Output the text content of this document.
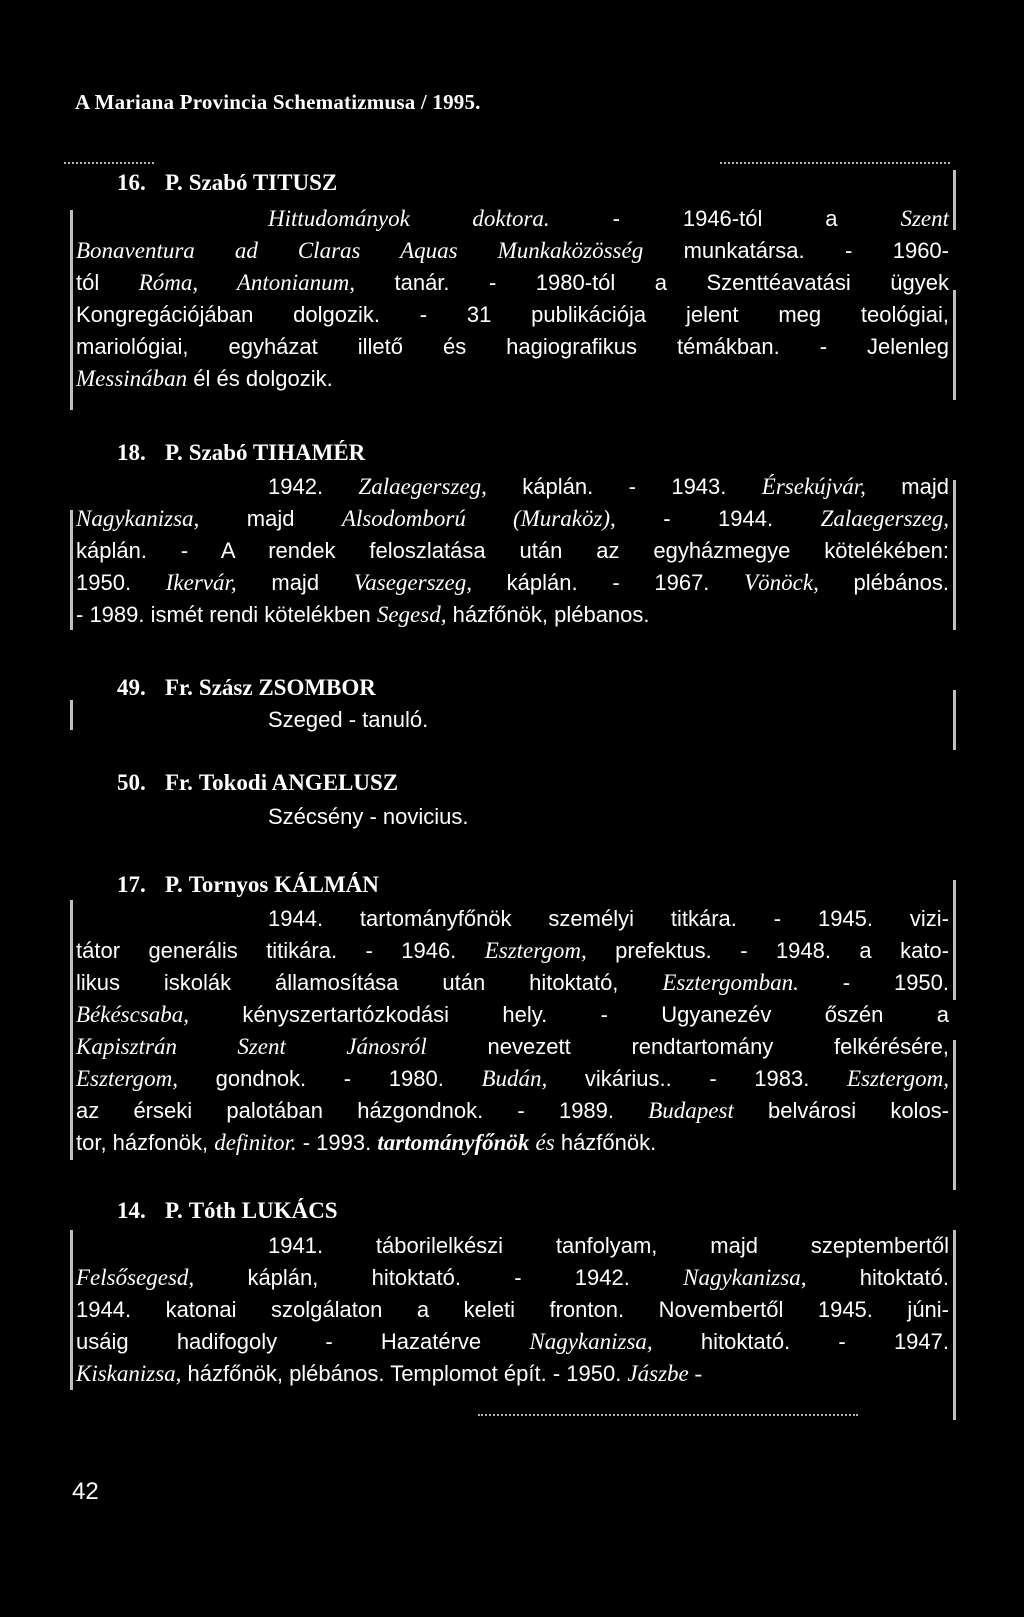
A Mariana Provincia Schematizmusa / 1995.

16. P. Szabó TITUSZ

Hittudományok doktora. - 1946-tól a Szent

Bonaventura ad Claras Aquas Munkaközösség munkatársa. - 1960-

tól Róma, Antonianum, tanár. - 1980-tól a Szenttéavatási ügyek

Kongregációjában dolgozik. - 31 publikációja jelent meg teológiai,

mariológiai, egyházat illető és hagiografikus témákban. - Jelenleg

Messinában él és dolgozik.

18. P. Szabó TIHAMÉR

1942. Zalaegerszeg, káplán. - 1943. Érsekújvár, majd

Nagykanizsa, majd Alsodomború (Muraköz), - 1944. Zalaegerszeg,

káplán. - A rendek feloszlatása után az egyházmegye kötelékében:

1950. Ikervár, majd Vasegerszeg, káplán. - 1967. Vönöck, plébános.

- 1989. ismét rendi kötelékben Segesd, házfőnök, plébanos.

49. Fr. Szász ZSOMBOR

Szeged - tanuló.

50. Fr. Tokodi ANGELUSZ

Szécsény - novicius.

17. P. Tornyos KÁLMÁN

1944. tartományfőnök személyi titkára. - 1945. vizi-

tátor generális titikára. - 1946. Esztergom, prefektus. - 1948. a kato-

likus iskolák államosítása után hitoktató, Esztergomban. - 1950.

Békéscsaba, kényszertartózkodási hely. - Ugyanezév őszén a

Kapisztrán Szent Jánosról nevezett rendtartomány felkérésére,

Esztergom, gondnok. - 1980. Budán, vikárius.. - 1983. Esztergom,

az érseki palotában házgondnok. - 1989. Budapest belvárosi kolos-

tor, házfonök, definitor. - 1993. tartományfőnök és házfőnök.

14. P. Tóth LUKÁCS

1941. táborilelkészi tanfolyam, majd szeptembertől

Felsősegesd, káplán, hitoktató. - 1942. Nagykanizsa, hitoktató.

1944. katonai szolgálaton a keleti fronton. Novembertől 1945. júni-

usáig hadifogoly - Hazatérve Nagykanizsa, hitoktató. - 1947.

Kiskanizsa, házfőnök, plébános. Templomot épít. - 1950. Jászbe -

42
